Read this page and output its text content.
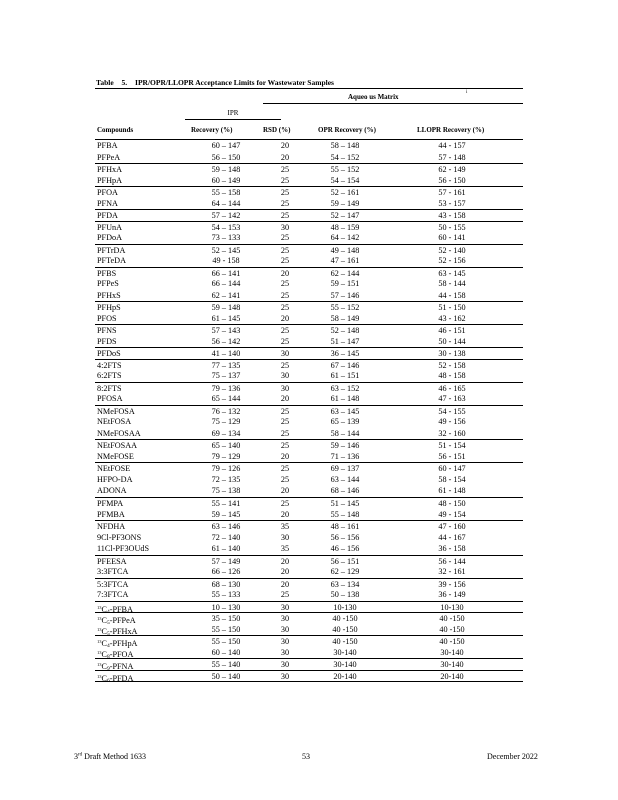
Table 5. IPR/OPR/LLOPR Acceptance Limits for Wastewater Samples
Aqueo us Matrix
i
IPR
Compounds	Recovery (%)	RSD (%)	OPR Recovery (%)	LLOPR Recovery (%)
PFBA	60 – 147	20	58 – 148	44 - 157
PFPeA	56 – 150	20	54 – 152	57 - 148
PFHxA	59 – 148	25	55 – 152	62 - 149
PFHpA	60 – 149	25	54 – 154	56 - 150
PFOA	55 – 158	25	52 – 161	57 - 161
PFNA	64 – 144	25	59 – 149	53 - 157
PFDA	57 – 142	25	52 – 147	43 - 158
PFUnA	54 – 153	30	48 – 159	50 - 155
PFDoA	73 – 133	25	64 – 142	60 - 141
PFTrDA	52 – 145	25	49 – 148	52 - 140
PFTeDA	49 - 158	25	47 – 161	52 - 156
PFBS	66 – 141	20	62 – 144	63 - 145
PFPeS	66 – 144	25	59 – 151	58 - 144
PFHxS	62 – 141	25	57 – 146	44 - 158
PFHpS	59 – 148	25	55 – 152	51 - 150
PFOS	61 – 145	20	58 – 149	43 - 162
PFNS	57 – 143	25	52 – 148	46 - 151
PFDS	56 – 142	25	51 – 147	50 - 144
PFDoS	41 – 140	30	36 – 145	30 - 138
4:2FTS	77 – 135	25	67 – 146	52 - 158
6:2FTS	75 – 137	30	61 – 151	48 - 158
8:2FTS	79 – 136	30	63 – 152	46 - 165
PFOSA	65 – 144	20	61 – 148	47 - 163
NMeFOSA	76 – 132	25	63 – 145	54 - 155
NEtFOSA	75 – 129	25	65 – 139	49 - 156
NMeFOSAA	69 – 134	25	58 – 144	32 - 160
NEtFOSAA	65 – 140	25	59 – 146	51 - 154
NMeFOSE	79 – 129	20	71 – 136	56 - 151
NEtFOSE	79 – 126	25	69 – 137	60 - 147
HFPO-DA	72 – 135	25	63 – 144	58 - 154
ADONA	75 – 138	20	68 – 146	61 - 148
PFMPA	55 – 141	25	51 – 145	48 - 150
PFMBA	59 – 145	20	55 – 148	49 - 154
NFDHA	63 – 146	35	48 – 161	47 - 160
9Cl-PF3ONS	72 – 140	30	56 – 156	44 - 167
11Cl-PF3OUdS	61 – 140	35	46 – 156	36 - 158
PFEESA	57 – 149	20	56 – 151	56 - 144
3:3FTCA	66 – 126	20	62 – 129	32 - 161
5:3FTCA	68 – 130	20	63 – 134	39 - 156
7:3FTCA	55 – 133	25	50 – 138	36 - 149
$^{13}$C4-PFBA	10 – 130	30	10-130	10-130
$^{13}$C5-PFPeA	35 – 150	30	40 -150	40 -150
$^{13}$C5-PFHxA	55 – 150	30	40 -150	40 -150
$^{13}$C4-PFHpA	55 – 150	30	40 -150	40 -150
$^{13}$C8-PFOA	60 – 140	30	30-140	30-140
$^{13}$C9-PFNA	55 – 140	30	30-140	30-140
$^{13}$C6-PFDA	50 – 140	30	20-140	20-140
3rd Draft Method 1633	53	December 2022
